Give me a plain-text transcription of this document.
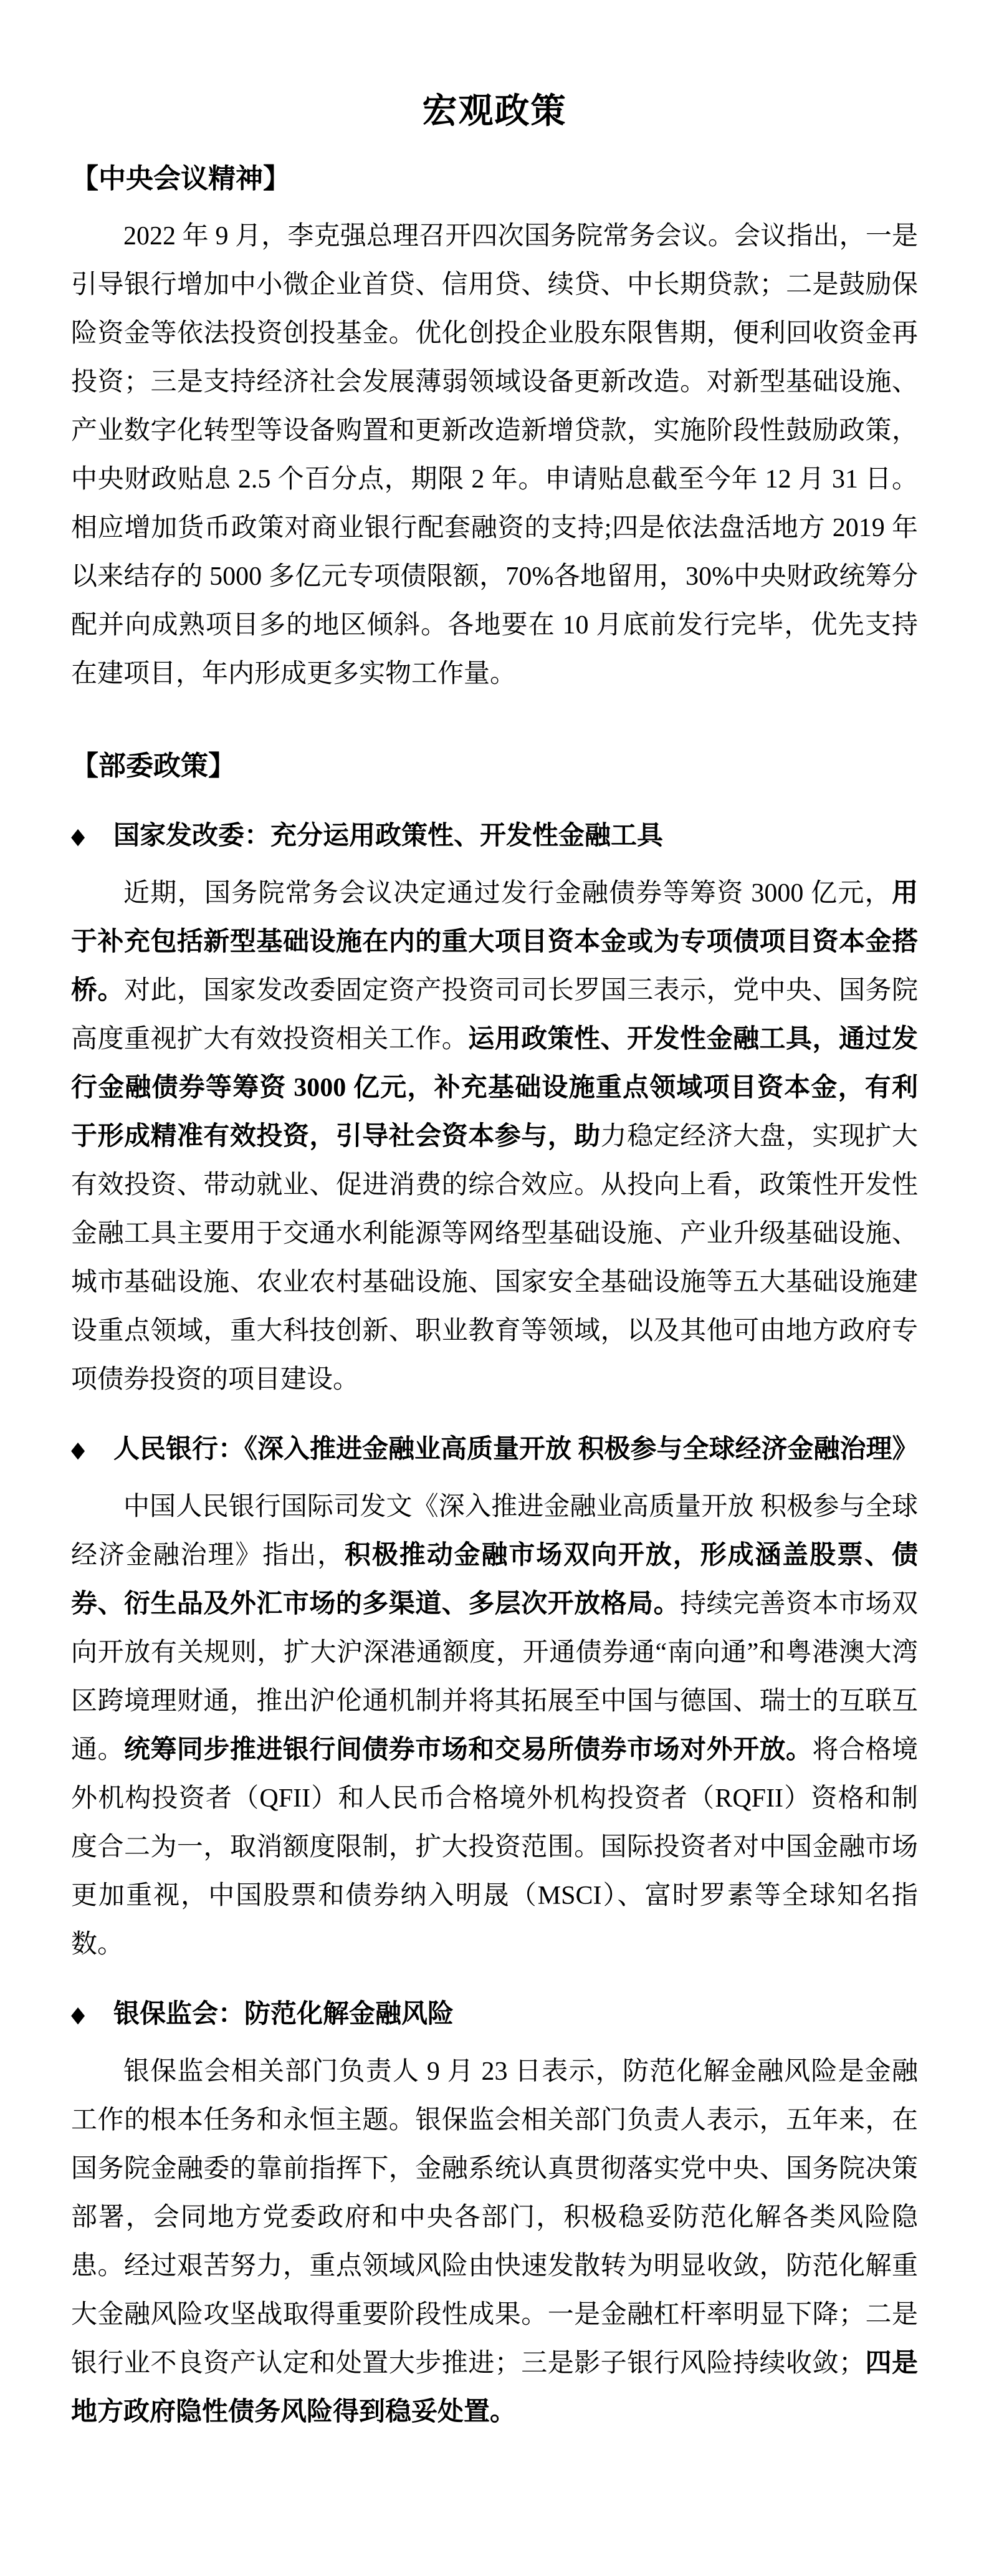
宏观政策
【中央会议精神】

2022 年 9 月，李克强总理召开四次国务院常务会议。会议指出，一是引导银行增加中小微企业首贷、信用贷、续贷、中长期贷款；二是鼓励保险资金等依法投资创投基金。优化创投企业股东限售期，便利回收资金再投资；三是支持经济社会发展薄弱领域设备更新改造。对新型基础设施、产业数字化转型等设备购置和更新改造新增贷款，实施阶段性鼓励政策，中央财政贴息 2.5 个百分点，期限 2 年。申请贴息截至今年 12 月 31 日。相应增加货币政策对商业银行配套融资的支持;四是依法盘活地方 2019 年以来结存的 5000 多亿元专项债限额，70%各地留用，30%中央财政统筹分配并向成熟项目多的地区倾斜。各地要在 10 月底前发行完毕，优先支持在建项目，年内形成更多实物工作量。

【部委政策】
◆	国家发改委：充分运用政策性、开发性金融工具

近期，国务院常务会议决定通过发行金融债券等筹资 3000 亿元，用于补充包括新型基础设施在内的重大项目资本金或为专项债项目资本金搭桥。对此，国家发改委固定资产投资司司长罗国三表示，党中央、国务院高度重视扩大有效投资相关工作。运用政策性、开发性金融工具，通过发行金融债券等筹资 3000 亿元，补充基础设施重点领域项目资本金，有利于形成精准有效投资，引导社会资本参与，助力稳定经济大盘，实现扩大有效投资、带动就业、促进消费的综合效应。从投向上看，政策性开发性金融工具主要用于交通水利能源等网络型基础设施、产业升级基础设施、城市基础设施、农业农村基础设施、国家安全基础设施等五大基础设施建设重点领域，重大科技创新、职业教育等领域，以及其他可由地方政府专项债券投资的项目建设。

◆	人民银行：《深入推进金融业高质量开放 积极参与全球经济金融治理》

中国人民银行国际司发文《深入推进金融业高质量开放 积极参与全球经济金融治理》指出，积极推动金融市场双向开放，形成涵盖股票、债券、衍生品及外汇市场的多渠道、多层次开放格局。持续完善资本市场双向开放有关规则，扩大沪深港通额度，开通债券通“南向通”和粤港澳大湾区跨境理财通，推出沪伦通机制并将其拓展至中国与德国、瑞士的互联互通。统筹同步推进银行间债券市场和交易所债券市场对外开放。将合格境外机构投资者（QFII）和人民币合格境外机构投资者（RQFII）资格和制度合二为一，取消额度限制，扩大投资范围。国际投资者对中国金融市场更加重视，中国股票和债券纳入明晟（MSCI）、富时罗素等全球知名指数。

◆	银保监会：防范化解金融风险

银保监会相关部门负责人 9 月 23 日表示，防范化解金融风险是金融工作的根本任务和永恒主题。银保监会相关部门负责人表示，五年来，在国务院金融委的靠前指挥下，金融系统认真贯彻落实党中央、国务院决策部署，会同地方党委政府和中央各部门，积极稳妥防范化解各类风险隐患。经过艰苦努力，重点领域风险由快速发散转为明显收敛，防范化解重大金融风险攻坚战取得重要阶段性成果。一是金融杠杆率明显下降；二是银行业不良资产认定和处置大步推进；三是影子银行风险持续收敛；四是地方政府隐性债务风险得到稳妥处置。
